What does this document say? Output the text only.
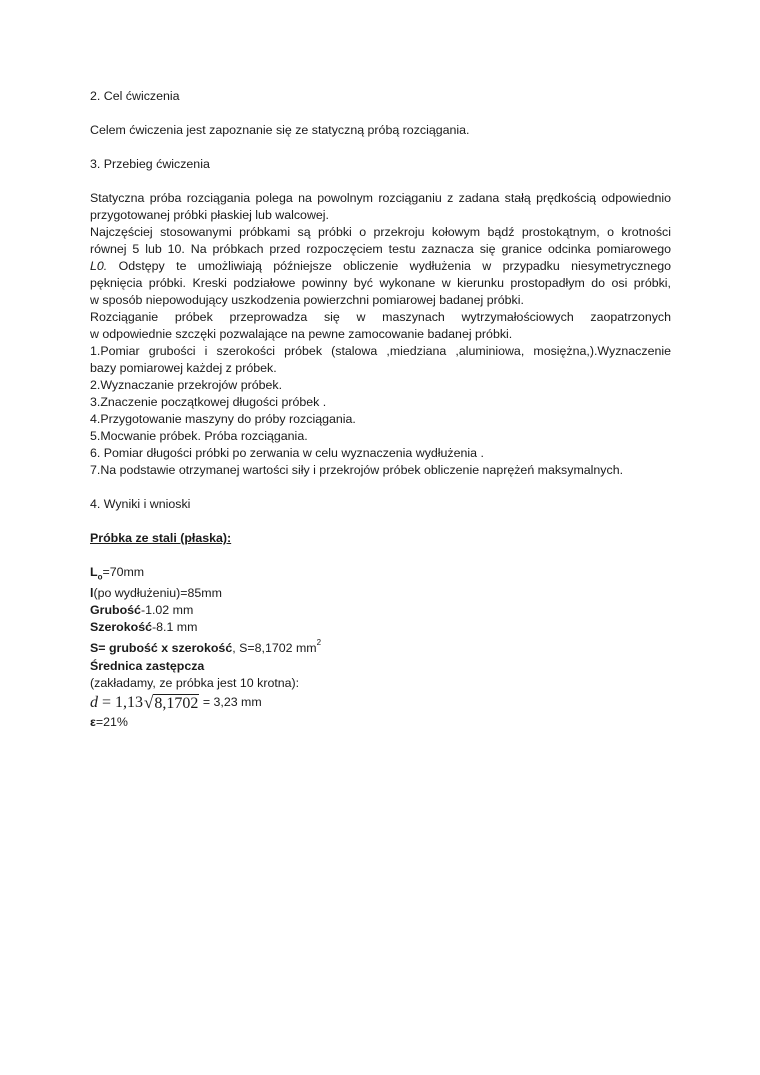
2. Cel ćwiczenia
Celem ćwiczenia jest zapoznanie się ze statyczną próbą rozciągania.
3. Przebieg ćwiczenia
Statyczna próba rozciągania polega na powolnym rozciąganiu z zadana stałą prędkością odpowiednio
przygotowanej próbki płaskiej lub walcowej.
Najczęściej stosowanymi próbkami są próbki o przekroju kołowym bądź prostokątnym, o krotności
równej 5 lub 10. Na próbkach przed rozpoczęciem testu zaznacza się granice odcinka pomiarowego
L0. Odstępy te umożliwiają późniejsze obliczenie wydłużenia w przypadku niesymetrycznego
pęknięcia próbki. Kreski podziałowe powinny być wykonane w kierunku prostopadłym do osi próbki,
w sposób niepowodujący uszkodzenia powierzchni pomiarowej badanej próbki.
Rozciąganie próbek przeprowadza się w maszynach wytrzymałościowych zaopatrzonych
w odpowiednie szczęki pozwalające na pewne zamocowanie badanej próbki.
1.Pomiar grubości i szerokości próbek (stalowa ,miedziana ,aluminiowa, mosiężna,).Wyznaczenie
bazy pomiarowej każdej z próbek.
2.Wyznaczanie przekrojów próbek.
3.Znaczenie początkowej długości próbek .
4.Przygotowanie maszyny do próby rozciągania.
5.Mocwanie próbek. Próba rozciągania.
6. Pomiar długości próbki po zerwania w celu wyznaczenia wydłużenia .
7.Na podstawie otrzymanej wartości siły i przekrojów próbek obliczenie naprężeń maksymalnych.
4. Wyniki i wnioski
Próbka ze stali (płaska):
$L_o=70mm$
l(po wydłużeniu)=85mm
Grubość-1.02 mm
Szerokość-8.1 mm
S= grubość x szerokość, S=8,1702 $mm^2$
Średnica zastępcza
(zakładamy, ze próbka jest 10 krotna):
d = 1,13 √ 8,1702 = 3,23 mm
ε=21%
